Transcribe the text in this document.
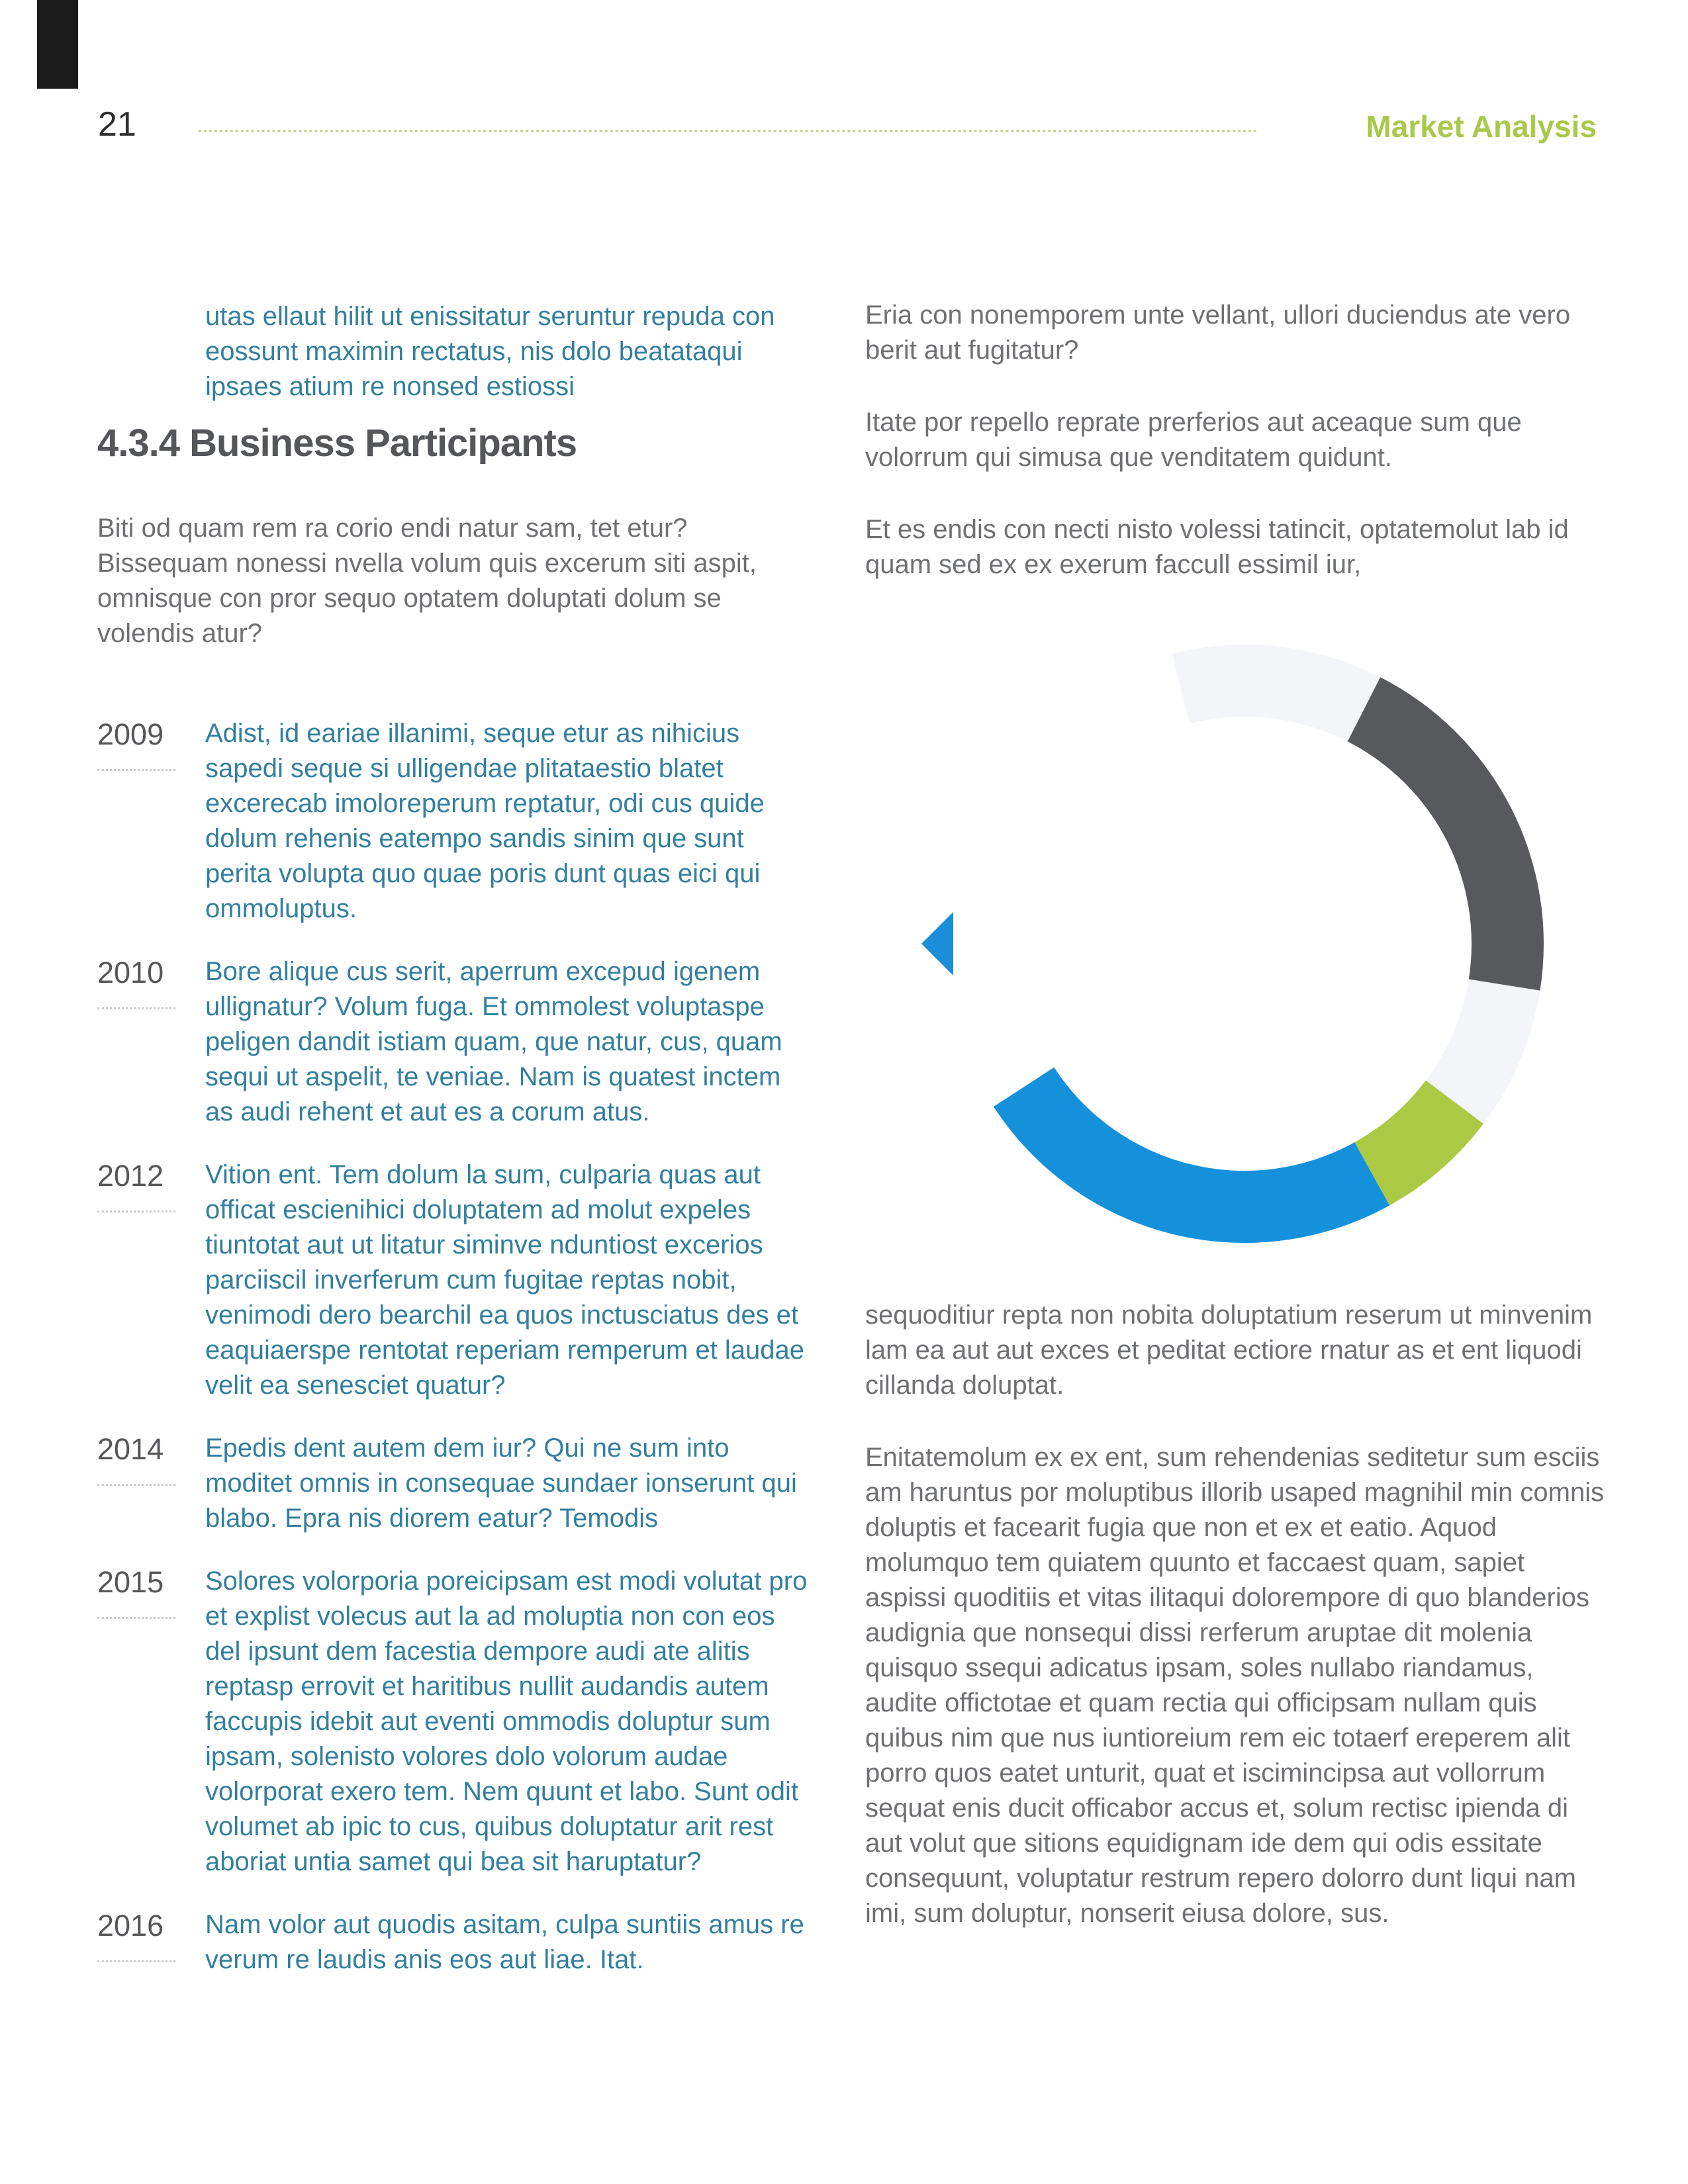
21	Market Analysis
utas ellaut hilit ut enissitatur seruntur repuda con eossunt maximin rectatus, nis dolo beatataqui ipsaes atium re nonsed estiossi
4.3.4 Business Participants
Biti od quam rem ra corio endi natur sam, tet etur? Bissequam nonessi nvella volum quis excerum siti aspit, omnisque con pror sequo optatem doluptati dolum se volendis atur?
2009	Adist, id eariae illanimi, seque etur as nihicius sapedi seque si ulligendae plitataestio blatet excerecab imoloreperum reptatur, odi cus quide dolum rehenis eatempo sandis sinim que sunt perita volupta quo quae poris dunt quas eici qui ommoluptus.
2010	Bore alique cus serit, aperrum excepud igenem ullignatur? Volum fuga. Et ommolest voluptaspe peligen dandit istiam quam, que natur, cus, quam sequi ut aspelit, te veniae. Nam is quatest inctem as audi rehent et aut es a corum atus.
2012	Vition ent. Tem dolum la sum, culparia quas aut officat escienihici doluptatem ad molut expeles tiuntotat aut ut litatur siminve nduntiost excerios parciiscil inverferum cum fugitae reptas nobit, venimodi dero bearchil ea quos inctusciatus des et eaquiaerspe rentotat reperiam remperum et laudae velit ea senesciet quatur?
2014	Epedis dent autem dem iur? Qui ne sum into moditet omnis in consequae sundaer ionserunt qui blabo. Epra nis diorem eatur? Temodis
2015	Solores volorporia poreicipsam est modi volutat pro et explist volecus aut la ad moluptia non con eos del ipsunt dem facestia dempore audi ate alitis reptasp errovit et haritibus nullit audandis autem faccupis idebit aut eventi ommodis doluptur sum ipsam, solenisto volores dolo volorum audae volorporat exero tem. Nem quunt et labo. Sunt odit volumet ab ipic to cus, quibus doluptatur arit rest aboriat untia samet qui bea sit haruptatur?
2016	Nam volor aut quodis asitam, culpa suntiis amus re verum re laudis anis eos aut liae. Itat.

Eria con nonemporem unte vellant, ullori duciendus ate vero berit aut fugitatur?

Itate por repello reprate prerferios aut aceaque sum que volorrum qui simusa que venditatem quidunt.

Et es endis con necti nisto volessi tatincit, optatemolut lab id quam sed ex ex exerum faccull essimil iur,

sequoditiur repta non nobita doluptatium reserum ut minvenim lam ea aut aut exces et peditat ectiore rnatur as et ent liquodi cillanda doluptat.

Enitatemolum ex ex ent, sum rehendenias seditetur sum esciis am haruntus por moluptibus illorib usaped magnihil min comnis doluptis et facearit fugia que non et ex et eatio. Aquod molumquo tem quiatem quunto et faccaest quam, sapiet aspissi quoditiis et vitas ilitaqui dolorempore di quo blanderios audignia que nonsequi dissi rerferum aruptae dit molenia quisquo ssequi adicatus ipsam, soles nullabo riandamus, audite offictotae et quam rectia qui officipsam nullam quis quibus nim que nus iuntioreium rem eic totaerf ereperem alit porro quos eatet unturit, quat et iscimincipsa aut vollorrum sequat enis ducit officabor accus et, solum rectisc ipienda di aut volut que sitions equidignam ide dem qui odis essitate consequunt, voluptatur restrum repero dolorro dunt liqui nam imi, sum doluptur, nonserit eiusa dolore, sus.
